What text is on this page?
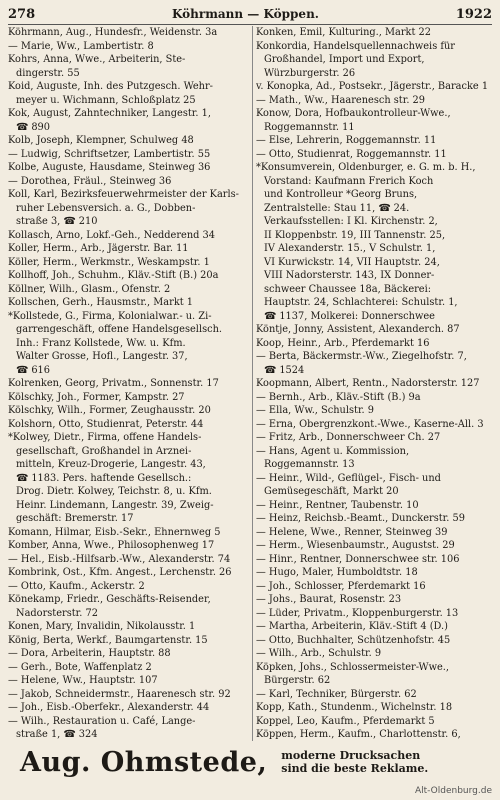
278	Köhrmann — Köppen.	1922
Köhrmann, Aug., Hundesfr., Weidenstr. 3a
— Marie, Ww., Lambertistr. 8
Kohrs, Anna, Wwe., Arbeiterin, Ste-
dingerstr. 55
Koid, Auguste, Inh. des Putzgesch. Wehr-
meyer u. Wichmann, Schloßplatz 25
Kok, August, Zahntechniker, Langestr. 1,
☎ 890
Kolb, Joseph, Klempner, Schulweg 48
— Ludwig, Schriftsetzer, Lambertistr. 55
Kolbe, Auguste, Hausdame, Steinweg 36
— Dorothea, Fräul., Steinweg 36
Koll, Karl, Bezirksfeuerwehrmeister der Karls-
ruher Lebensversich. a. G., Dobben-
straße 3, ☎ 210
Kollasch, Arno, Lokf.-Geh., Nedderend 34
Koller, Herm., Arb., Jägerstr. Bar. 11
Köller, Herm., Werkmstr., Weskampstr. 1
Kollhoff, Joh., Schuhm., Kläv.-Stift (B.) 20a
Köllner, Wilh., Glasm., Ofenstr. 2
Kollschen, Gerh., Hausmstr., Markt 1
*Kollstede, G., Firma, Kolonialwar.- u. Zi-
garrengeschäft, offene Handelsgesellsch.
Inh.: Franz Kollstede, Ww. u. Kfm.
Walter Grosse, Hofl., Langestr. 37,
☎ 616
Kolrenken, Georg, Privatm., Sonnenstr. 17
Kölschky, Joh., Former, Kampstr. 27
Kölschky, Wilh., Former, Zeughausstr. 20
Kolshorn, Otto, Studienrat, Peterstr. 44
*Kolwey, Dietr., Firma, offene Handels-
gesellschaft, Großhandel in Arznei-
mitteln, Kreuz-Drogerie, Langestr. 43,
☎ 1183. Pers. haftende Gesellsch.:
Drog. Dietr. Kolwey, Teichstr. 8, u. Kfm.
Heinr. Lindemann, Langestr. 39, Zweig-
geschäft: Bremerstr. 17
Komann, Hilmar, Eisb.-Sekr., Ehnernweg 5
Komber, Anna, Wwe., Philosophenweg 17
— Hel., Eisb.-Hilfsarb.-Ww., Alexanderstr. 74
Kombrink, Ost., Kfm. Angest., Lerchenstr. 26
— Otto, Kaufm., Ackerstr. 2
Könekamp, Friedr., Geschäfts-Reisender,
Nadorsterstr. 72
Konen, Mary, Invalidin, Nikolausstr. 1
König, Berta, Werkf., Baumgartenstr. 15
— Dora, Arbeiterin, Hauptstr. 88
— Gerh., Bote, Waffenplatz 2
— Helene, Ww., Hauptstr. 107
— Jakob, Schneidermstr., Haarenesch str. 92
— Joh., Eisb.-Oberfekr., Alexanderstr. 44
— Wilh., Restauration u. Café, Lange-
straße 1, ☎ 324
Konken, Emil, Kulturing., Markt 22
Konkordia, Handelsquellennachweis für
Großhandel, Import und Export,
Würzburgerstr. 26
v. Konopka, Ad., Postsekr., Jägerstr., Baracke 1
— Math., Ww., Haarenesch str. 29
Konow, Dora, Hofbaukontrolleur-Wwe.,
Roggemannstr. 11
— Else, Lehrerin, Roggemannstr. 11
— Otto, Studienrat, Roggemannstr. 11
*Konsumverein, Oldenburger, e. G. m. b. H.,
Vorstand: Kaufmann Frerich Koch
und Kontrolleur *Georg Bruns,
Zentralstelle: Stau 11, ☎ 24.
Verkaufsstellen: I Kl. Kirchenstr. 2,
II Kloppenbstr. 19, III Tannenstr. 25,
IV Alexanderstr. 15., V Schulstr. 1,
VI Kurwickstr. 14, VII Hauptstr. 24,
VIII Nadorsterstr. 143, IX Donner-
schweer Chaussee 18a, Bäckerei:
Hauptstr. 24, Schlachterei: Schulstr. 1,
☎ 1137, Molkerei: Donnerschwee
Köntje, Jonny, Assistent, Alexanderch. 87
Koop, Heinr., Arb., Pferdemarkt 16
— Berta, Bäckermstr.-Ww., Ziegelhofstr. 7,
☎ 1524
Koopmann, Albert, Rentn., Nadorsterstr. 127
— Bernh., Arb., Kläv.-Stift (B.) 9a
— Ella, Ww., Schulstr. 9
— Erna, Obergrenzkont.-Wwe., Kaserne-All. 3
— Fritz, Arb., Donnerschweer Ch. 27
— Hans, Agent u. Kommission,
Roggemannstr. 13
— Heinr., Wild-, Geflügel-, Fisch- und
Gemüsegeschäft, Markt 20
— Heinr., Rentner, Taubenstr. 10
— Heinz, Reichsb.-Beamt., Dunckerstr. 59
— Helene, Wwe., Renner, Steinweg 39
— Herm., Wiesenbaumstr., Augustst. 29
— Hinr., Rentner, Donnerschwee str. 106
— Hugo, Maler, Humboldtstr. 18
— Joh., Schlosser, Pferdemarkt 16
— Johs., Baurat, Rosenstr. 23
— Lüder, Privatm., Kloppenburgerstr. 13
— Martha, Arbeiterin, Kläv.-Stift 4 (D.)
— Otto, Buchhalter, Schützenhofstr. 45
— Wilh., Arb., Schulstr. 9
Köpken, Johs., Schlossermeister-Wwe.,
Bürgerstr. 62
— Karl, Techniker, Bürgerstr. 62
Kopp, Kath., Stundenm., Wichelnstr. 18
Koppel, Leo, Kaufm., Pferdemarkt 5
Köppen, Herm., Kaufm., Charlottenstr. 6,

Aug. Ohmstede, moderne Drucksachen
sind die beste Reklame.
Alt-Oldenburg.de
